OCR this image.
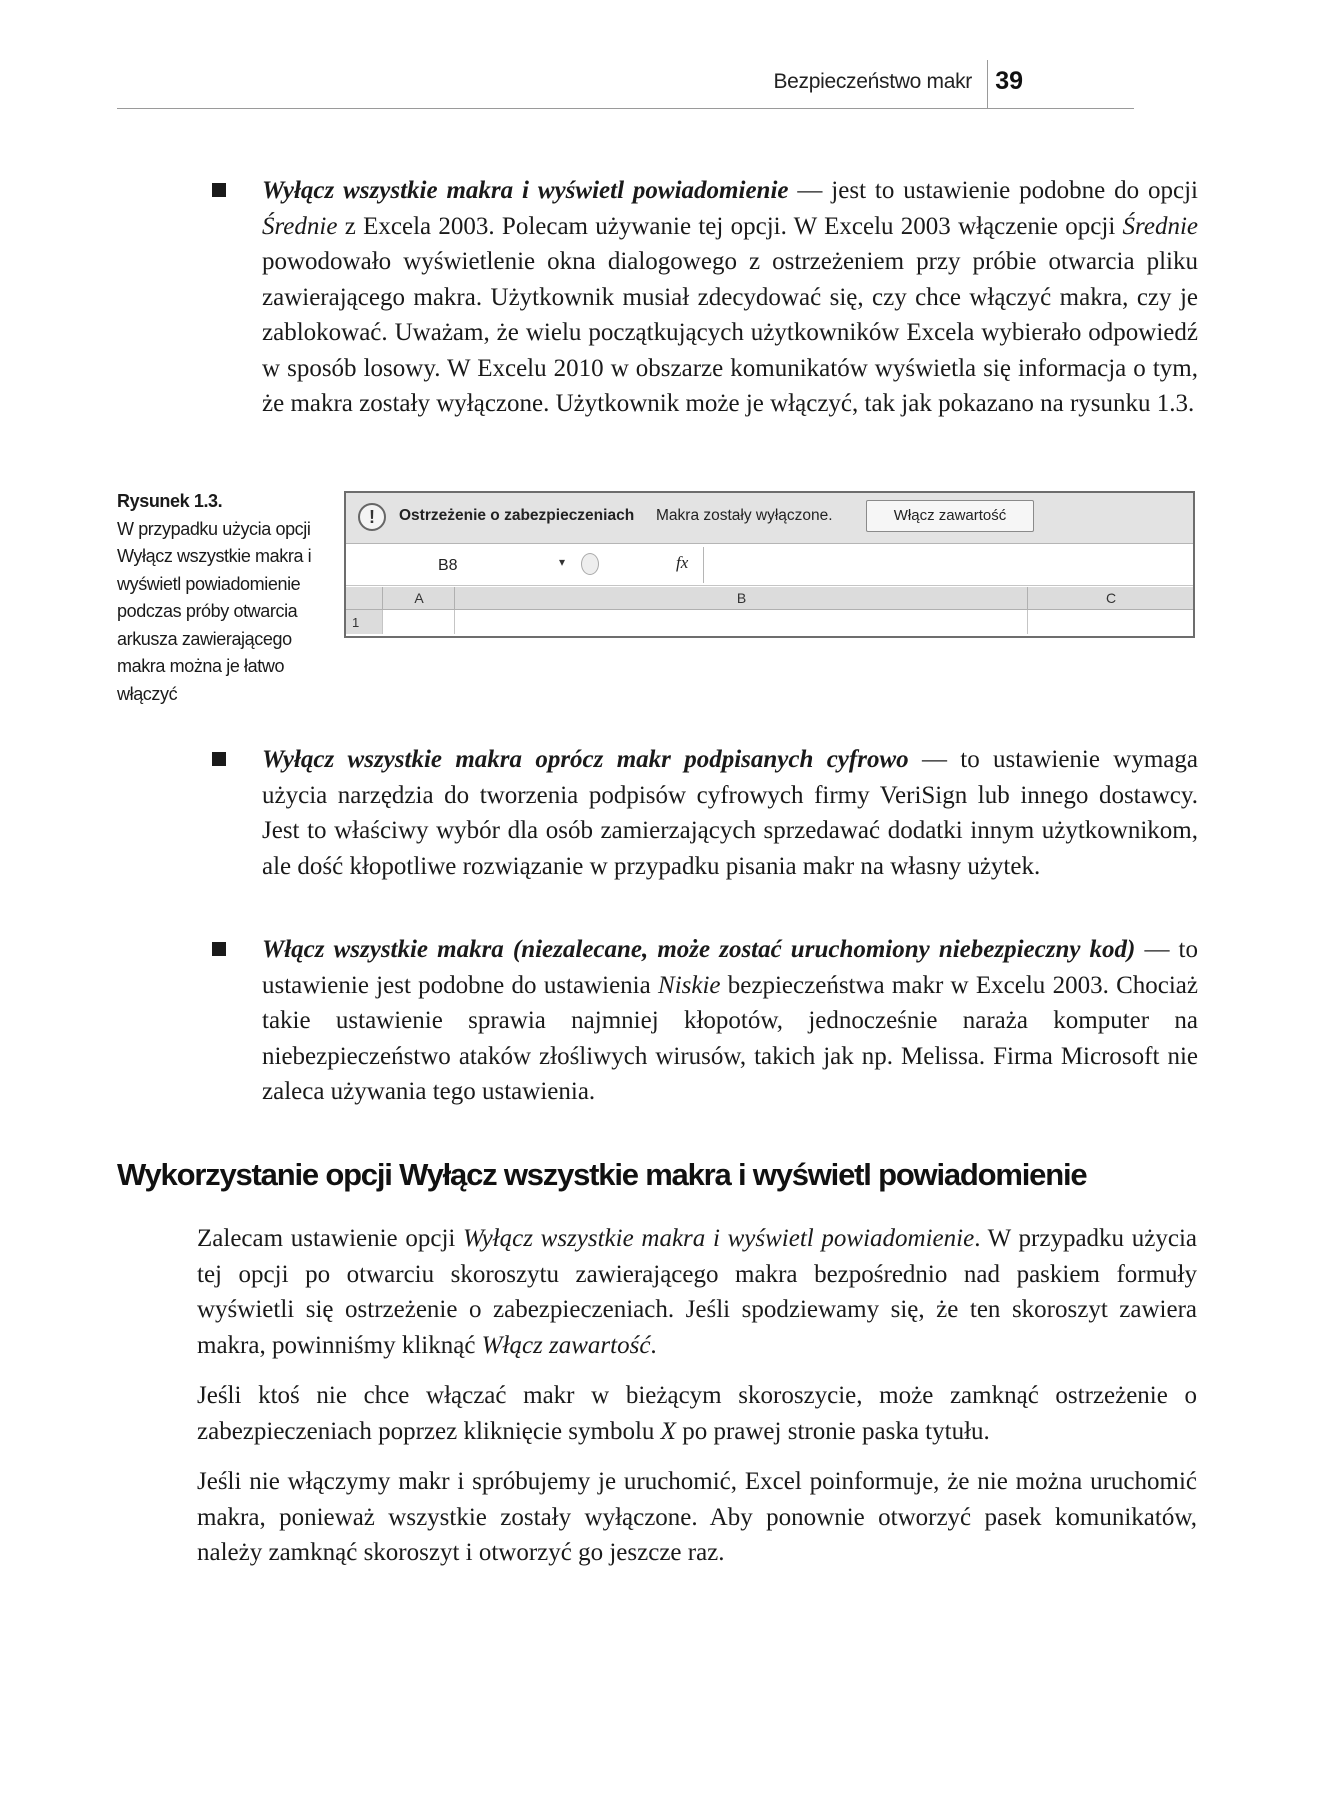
Bezpieczeństwo makr 39
Wyłącz wszystkie makra i wyświetl powiadomienie — jest to ustawienie podobne do opcji Średnie z Excela 2003. Polecam używanie tej opcji. W Excelu 2003 włączenie opcji Średnie powodowało wyświetlenie okna dialogowego z ostrzeżeniem przy próbie otwarcia pliku zawierającego makra. Użytkownik musiał zdecydować się, czy chce włączyć makra, czy je zablokować. Uważam, że wielu początkujących użytkowników Excela wybierało odpowiedź w sposób losowy. W Excelu 2010 w obszarze komunikatów wyświetla się informacja o tym, że makra zostały wyłączone. Użytkownik może je włączyć, tak jak pokazano na rysunku 1.3.
Rysunek 1.3.
W przypadku użycia opcji Wyłącz wszystkie makra i wyświetl powiadomienie podczas próby otwarcia arkusza zawierającego makra można je łatwo włączyć
!	Ostrzeżenie o zabezpieczeniach Makra zostały wyłączone.	Włącz zawartość
B8	▾	fx
A	B	C
1
Wyłącz wszystkie makra oprócz makr podpisanych cyfrowo — to ustawienie wymaga użycia narzędzia do tworzenia podpisów cyfrowych firmy VeriSign lub innego dostawcy. Jest to właściwy wybór dla osób zamierzających sprzedawać dodatki innym użytkownikom, ale dość kłopotliwe rozwiązanie w przypadku pisania makr na własny użytek.
Włącz wszystkie makra (niezalecane, może zostać uruchomiony niebezpieczny kod) — to ustawienie jest podobne do ustawienia Niskie bezpieczeństwa makr w Excelu 2003. Chociaż takie ustawienie sprawia najmniej kłopotów, jednocześnie naraża komputer na niebezpieczeństwo ataków złośliwych wirusów, takich jak np. Melissa. Firma Microsoft nie zaleca używania tego ustawienia.
Wykorzystanie opcji Wyłącz wszystkie makra i wyświetl powiadomienie
Zalecam ustawienie opcji Wyłącz wszystkie makra i wyświetl powiadomienie. W przypadku użycia tej opcji po otwarciu skoroszytu zawierającego makra bezpośrednio nad paskiem formuły wyświetli się ostrzeżenie o zabezpieczeniach. Jeśli spodziewamy się, że ten skoroszyt zawiera makra, powinniśmy kliknąć Włącz zawartość.
Jeśli ktoś nie chce włączać makr w bieżącym skoroszycie, może zamknąć ostrzeżenie o zabezpieczeniach poprzez kliknięcie symbolu X po prawej stronie paska tytułu.
Jeśli nie włączymy makr i spróbujemy je uruchomić, Excel poinformuje, że nie można uruchomić makra, ponieważ wszystkie zostały wyłączone. Aby ponownie otworzyć pasek komunikatów, należy zamknąć skoroszyt i otworzyć go jeszcze raz.
